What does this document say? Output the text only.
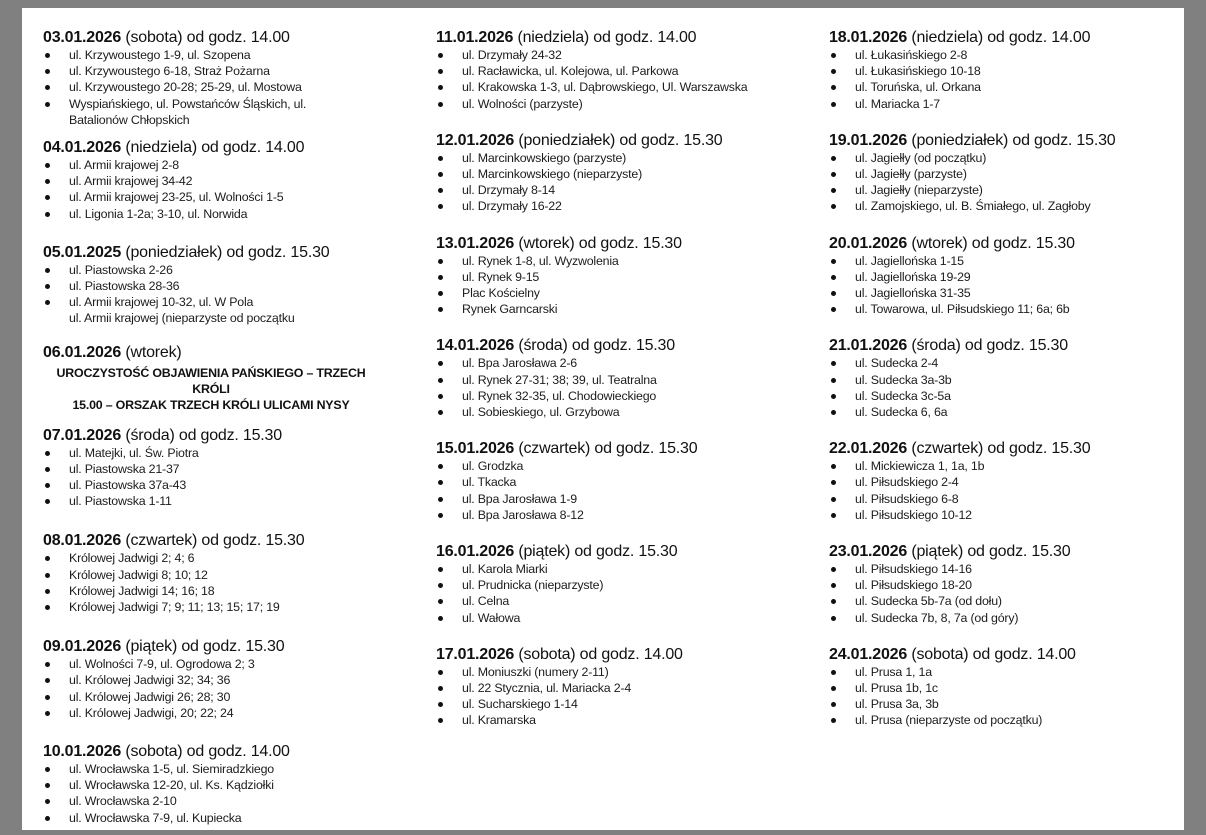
03.01.2026 (sobota) od godz. 14.00
ul. Krzywoustego 1-9, ul. Szopena
ul. Krzywoustego 6-18, Straż Pożarna
ul. Krzywoustego 20-28; 25-29, ul. Mostowa
Wyspiańskiego, ul. Powstańców Śląskich, ul.
Batalionów Chłopskich
04.01.2026 (niedziela) od godz. 14.00
ul. Armii krajowej 2-8
ul. Armii krajowej 34-42
ul. Armii krajowej 23-25, ul. Wolności 1-5
ul. Ligonia 1-2a; 3-10, ul. Norwida
05.01.2025 (poniedziałek) od godz. 15.30
ul. Piastowska 2-26
ul. Piastowska 28-36
ul. Armii krajowej 10-32, ul. W Pola
ul. Armii krajowej (nieparzyste od początku
06.01.2026 (wtorek)
UROCZYSTOŚĆ OBJAWIENIA PAŃSKIEGO – TRZECH KRÓLI
15.00 – ORSZAK TRZECH KRÓLI ULICAMI NYSY
07.01.2026 (środa) od godz. 15.30
ul. Matejki, ul. Św. Piotra
ul. Piastowska 21-37
ul. Piastowska 37a-43
ul. Piastowska 1-11
08.01.2026 (czwartek) od godz. 15.30
Królowej Jadwigi 2; 4; 6
Królowej Jadwigi 8; 10; 12
Królowej Jadwigi 14; 16; 18
Królowej Jadwigi 7; 9; 11; 13; 15; 17; 19
09.01.2026 (piątek) od godz. 15.30
ul. Wolności 7-9, ul. Ogrodowa 2; 3
ul. Królowej Jadwigi 32; 34; 36
ul. Królowej Jadwigi 26; 28; 30
ul. Królowej Jadwigi, 20; 22; 24
10.01.2026 (sobota) od godz. 14.00
ul. Wrocławska 1-5, ul. Siemiradzkiego
ul. Wrocławska 12-20, ul. Ks. Kądziołki
ul. Wrocławska 2-10
ul. Wrocławska 7-9, ul. Kupiecka
11.01.2026 (niedziela) od godz. 14.00
ul. Drzymały 24-32
ul. Racławicka, ul. Kolejowa, ul. Parkowa
ul. Krakowska 1-3, ul. Dąbrowskiego, Ul. Warszawska
ul. Wolności (parzyste)
12.01.2026 (poniedziałek) od godz. 15.30
ul. Marcinkowskiego (parzyste)
ul. Marcinkowskiego (nieparzyste)
ul. Drzymały 8-14
ul. Drzymały 16-22
13.01.2026 (wtorek) od godz. 15.30
ul. Rynek 1-8, ul. Wyzwolenia
ul. Rynek 9-15
Plac Kościelny
Rynek Garncarski
14.01.2026 (środa) od godz. 15.30
ul. Bpa Jarosława 2-6
ul. Rynek 27-31; 38; 39, ul. Teatralna
ul. Rynek 32-35, ul. Chodowieckiego
ul. Sobieskiego, ul. Grzybowa
15.01.2026 (czwartek) od godz. 15.30
ul. Grodzka
ul. Tkacka
ul. Bpa Jarosława 1-9
ul. Bpa Jarosława 8-12
16.01.2026 (piątek) od godz. 15.30
ul. Karola Miarki
ul. Prudnicka (nieparzyste)
ul. Celna
ul. Wałowa
17.01.2026 (sobota) od godz. 14.00
ul. Moniuszki (numery 2-11)
ul. 22 Stycznia, ul. Mariacka 2-4
ul. Sucharskiego 1-14
ul. Kramarska
18.01.2026 (niedziela) od godz. 14.00
ul. Łukasińskiego 2-8
ul. Łukasińskiego 10-18
ul. Toruńska, ul. Orkana
ul. Mariacka 1-7
19.01.2026 (poniedziałek) od godz. 15.30
ul. Jagiełły (od początku)
ul. Jagiełły (parzyste)
ul. Jagiełły (nieparzyste)
ul. Zamojskiego, ul. B. Śmiałego, ul. Zagłoby
20.01.2026 (wtorek) od godz. 15.30
ul. Jagiellońska 1-15
ul. Jagiellońska 19-29
ul. Jagiellońska 31-35
ul. Towarowa, ul. Piłsudskiego 11; 6a; 6b
21.01.2026 (środa) od godz. 15.30
ul. Sudecka 2-4
ul. Sudecka 3a-3b
ul. Sudecka 3c-5a
ul. Sudecka 6, 6a
22.01.2026 (czwartek) od godz. 15.30
ul. Mickiewicza 1, 1a, 1b
ul. Piłsudskiego 2-4
ul. Piłsudskiego 6-8
ul. Piłsudskiego 10-12
23.01.2026 (piątek) od godz. 15.30
ul. Piłsudskiego 14-16
ul. Piłsudskiego 18-20
ul. Sudecka 5b-7a (od dołu)
ul. Sudecka 7b, 8, 7a (od góry)
24.01.2026 (sobota) od godz. 14.00
ul. Prusa 1, 1a
ul. Prusa 1b, 1c
ul. Prusa 3a, 3b
ul. Prusa (nieparzyste od początku)
